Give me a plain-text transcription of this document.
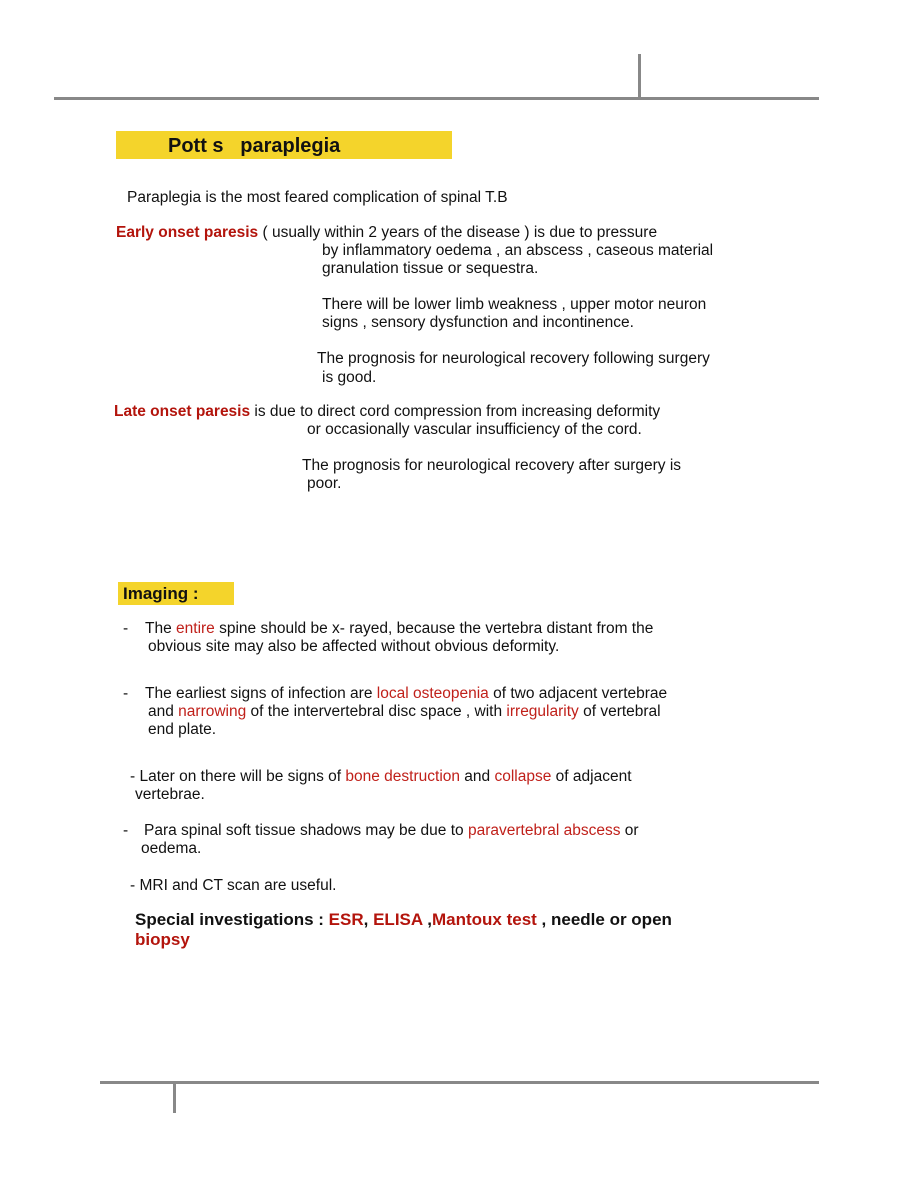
Pott s   paraplegia
Paraplegia is the most feared complication of spinal T.B
Early onset paresis ( usually within 2 years of the disease ) is due to pressure
by inflammatory oedema , an abscess , caseous material
granulation tissue or sequestra.
There will be lower limb weakness , upper motor neuron
signs , sensory dysfunction and incontinence.
The prognosis for neurological recovery following surgery
is good.
Late onset paresis is due to direct cord compression from increasing deformity
or occasionally vascular insufficiency of the cord.
The prognosis for neurological recovery after surgery is
poor.
Imaging :
- The entire spine should be x- rayed, because the vertebra distant from the
obvious site may also be affected without obvious deformity.
- The earliest signs of infection are local osteopenia of two adjacent vertebrae
and narrowing of the intervertebral disc space , with irregularity of vertebral
end plate.
- Later on there will be signs of bone destruction and collapse of adjacent
vertebrae.
- Para spinal soft tissue shadows may be due to paravertebral abscess or
oedema.
- MRI and CT scan are useful.
Special investigations : ESR, ELISA ,Mantoux test , needle or open
biopsy
